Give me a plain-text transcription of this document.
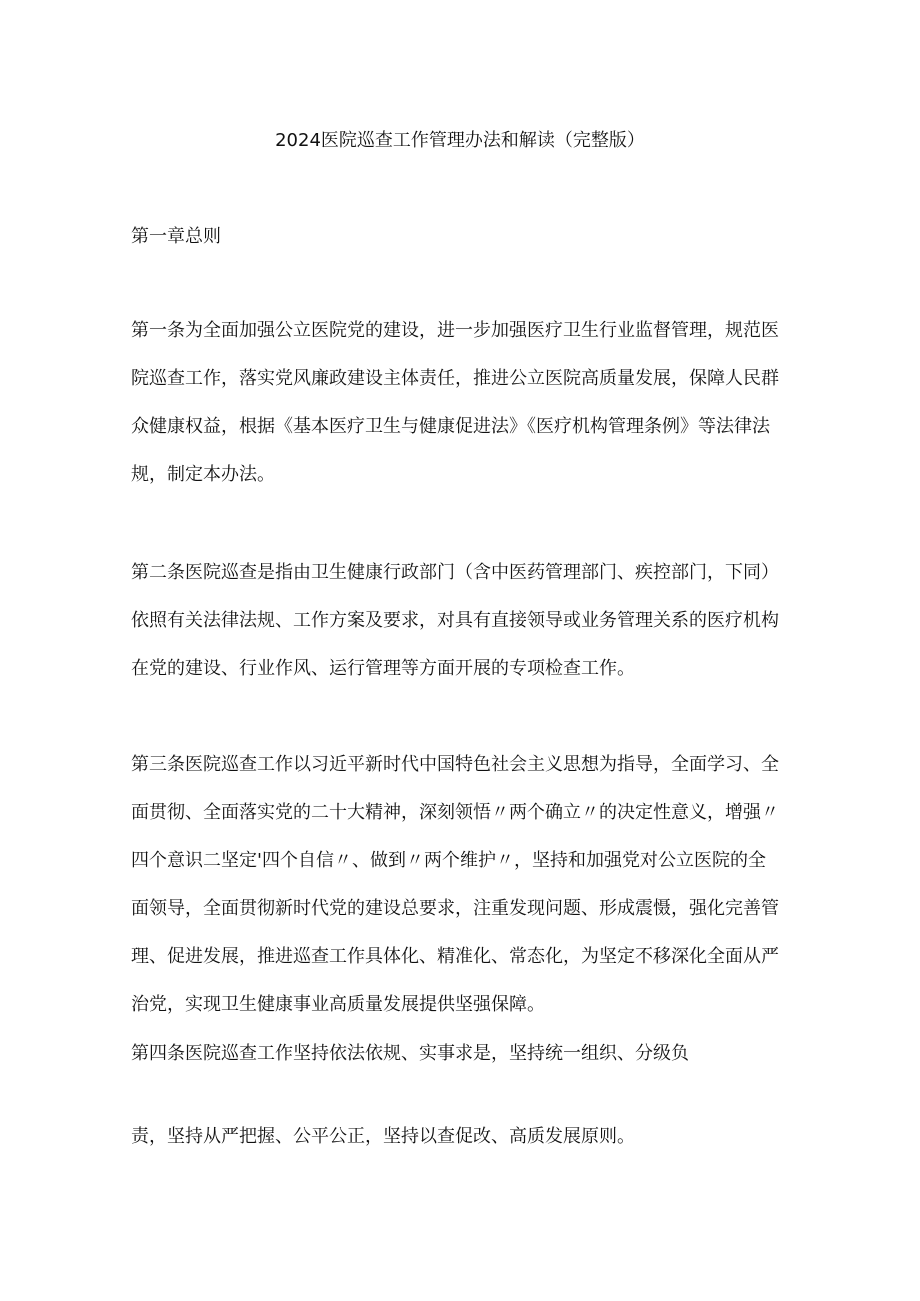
2024医院巡查工作管理办法和解读（完整版）
第一章总则

第一条为全面加强公立医院党的建设，进一步加强医疗卫生行业监督管理，规范医
院巡查工作，落实党风廉政建设主体责任，推进公立医院高质量发展，保障人民群
众健康权益，根据《基本医疗卫生与健康促进法》《医疗机构管理条例》等法律法
规，制定本办法。

第二条医院巡查是指由卫生健康行政部门（含中医药管理部门、疾控部门，下同）
依照有关法律法规、工作方案及要求，对具有直接领导或业务管理关系的医疗机构
在党的建设、行业作风、运行管理等方面开展的专项检查工作。

第三条医院巡查工作以习近平新时代中国特色社会主义思想为指导，全面学习、全
面贯彻、全面落实党的二十大精神，深刻领悟〃两个确立〃的决定性意义，增强〃
四个意识二坚定'四个自信〃、做到〃两个维护〃，坚持和加强党对公立医院的全
面领导，全面贯彻新时代党的建设总要求，注重发现问题、形成震慑，强化完善管
理、促进发展，推进巡查工作具体化、精准化、常态化，为坚定不移深化全面从严
治党，实现卫生健康事业高质量发展提供坚强保障。

第四条医院巡查工作坚持依法依规、实事求是，坚持统一组织、分级负

责，坚持从严把握、公平公正，坚持以查促改、高质发展原则。
